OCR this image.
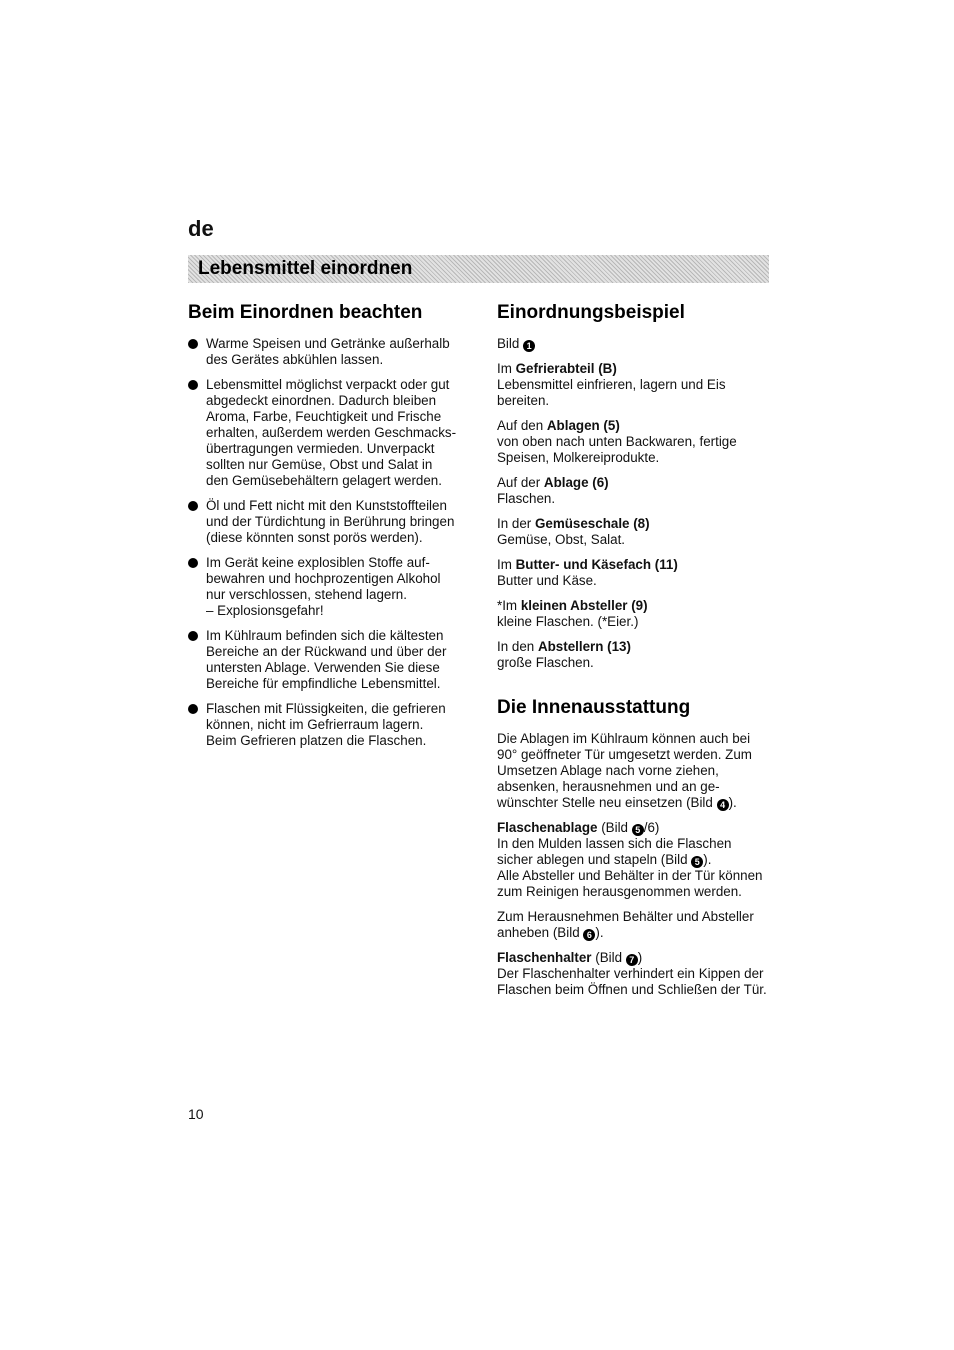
de
Lebensmittel einordnen
Beim Einordnen beachten
Warme Speisen und Getränke außerhalb
des Gerätes abkühlen lassen.
Lebensmittel möglichst verpackt oder gut
abgedeckt einordnen. Dadurch bleiben
Aroma, Farbe, Feuchtigkeit und Frische
erhalten, außerdem werden Geschmacks-
übertragungen vermieden. Unverpackt
sollten nur Gemüse, Obst und Salat in
den Gemüsebehältern gelagert werden.
Öl und Fett nicht mit den Kunststoffteilen
und der Türdichtung in Berührung bringen
(diese könnten sonst porös werden).
Im Gerät keine explosiblen Stoffe auf-
bewahren und hochprozentigen Alkohol
nur verschlossen, stehend lagern.
– Explosionsgefahr!
Im Kühlraum befinden sich die kältesten
Bereiche an der Rückwand und über der
untersten Ablage. Verwenden Sie diese
Bereiche für empfindliche Lebensmittel.
Flaschen mit Flüssigkeiten, die gefrieren
können, nicht im Gefrierraum lagern.
Beim Gefrieren platzen die Flaschen.
Einordnungsbeispiel

Bild 1

Im Gefrierabteil (B)
Lebensmittel einfrieren, lagern und Eis
bereiten.

Auf den Ablagen (5)
von oben nach unten Backwaren, fertige
Speisen, Molkereiprodukte.

Auf der Ablage (6)
Flaschen.

In der Gemüseschale (8)
Gemüse, Obst, Salat.

Im Butter- und Käsefach (11)
Butter und Käse.

*Im kleinen Absteller (9)
kleine Flaschen. (*Eier.)

In den Abstellern (13)
große Flaschen.

Die Innenausstattung

Die Ablagen im Kühlraum können auch bei
90° geöffneter Tür umgesetzt werden. Zum
Umsetzen Ablage nach vorne ziehen,
absenken, herausnehmen und an ge-
wünschter Stelle neu einsetzen (Bild 4 ).

Flaschenablage (Bild 5 /6)
In den Mulden lassen sich die Flaschen
sicher ablegen und stapeln (Bild 5 ).
Alle Absteller und Behälter in der Tür können
zum Reinigen herausgenommen werden.

Zum Herausnehmen Behälter und Absteller
anheben (Bild 6 ).

Flaschenhalter (Bild 7 )
Der Flaschenhalter verhindert ein Kippen der
Flaschen beim Öffnen und Schließen der Tür.

10
